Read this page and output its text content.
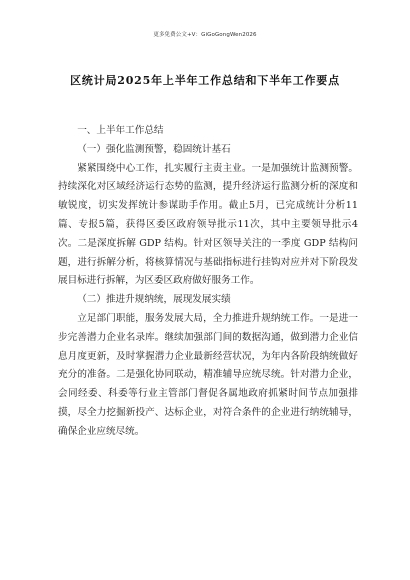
更多免费公文+V：GiGoGongWen2026
区统计局2025年上半年工作总结和下半年工作要点
一、上半年工作总结
（一）强化监测预警，稳固统计基石

紧紧围绕中心工作，扎实履行主责主业。一是加强统计监测预警。持续深化对区域经济运行态势的监测，提升经济运行监测分析的深度和敏锐度，切实发挥统计参谋助手作用。截止5月，已完成统计分析11篇、专报5篇，获得区委区政府领导批示11次，其中主要领导批示4次。二是深度拆解 GDP 结构。针对区领导关注的一季度 GDP 结构问题，进行拆解分析，将核算情况与基础指标进行挂钩对应并对下阶段发展目标进行拆解，为区委区政府做好服务工作。

（二）推进升规纳统，展现发展实绩

立足部门职能，服务发展大局，全力推进升规纳统工作。一是进一步完善潜力企业名录库。继续加强部门间的数据沟通，做到潜力企业信息月度更新，及时掌握潜力企业最新经营状况，为年内各阶段纳统做好充分的准备。二是强化协同联动，精准辅导应统尽统。针对潜力企业，会同经委、科委等行业主管部门督促各属地政府抓紧时间节点加强排摸，尽全力挖掘新投产、达标企业，对符合条件的企业进行纳统辅导，确保企业应统尽统。
